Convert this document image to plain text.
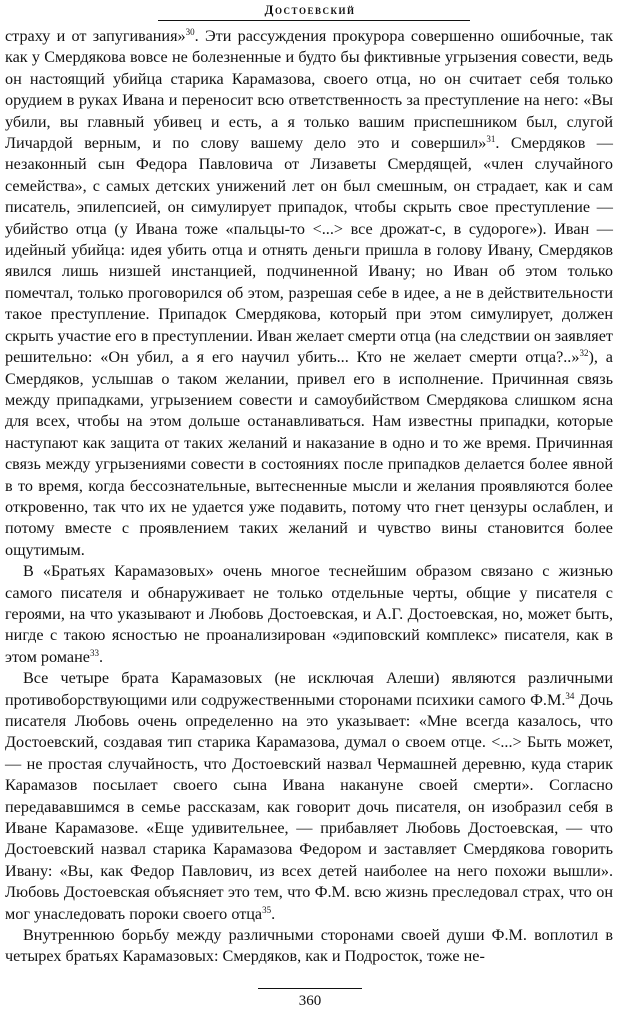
Достоевский

страху и от запугивания»$^{30}$. Эти рассуждения прокурора совершенно ошибочные, так как у Смердякова вовсе не болезненные и будто бы фиктивные угрызения совести, ведь он настоящий убийца старика Карамазова, своего отца, но он считает себя только орудием в руках Ивана и переносит всю ответственность за преступление на него: «Вы убили, вы главный убивец и есть, а я только вашим приспешником был, слугой Личардой верным, и по слову вашему дело это и совершил»$^{31}$. Смердяков — незаконный сын Федора Павловича от Лизаветы Смердящей, «член случайного семейства», с самых детских унижений лет он был смешным, он страдает, как и сам писатель, эпилепсией, он симулирует припадок, чтобы скрыть свое преступление — убийство отца (у Ивана тоже «пальцы-то <...> все дрожат-с, в судороге»). Иван — идейный убийца: идея убить отца и отнять деньги пришла в голову Ивану, Смердяков явился лишь низшей инстанцией, подчиненной Ивану; но Иван об этом только помечтал, только проговорился об этом, разрешая себе в идее, а не в действительности такое преступление. Припадок Смердякова, который при этом симулирует, должен скрыть участие его в преступлении. Иван желает смерти отца (на следствии он заявляет решительно: «Он убил, а я его научил убить... Кто не желает смерти отца?..»$^{32}$), а Смердяков, услышав о таком желании, привел его в исполнение. Причинная связь между припадками, угрызением совести и самоубийством Смердякова слишком ясна для всех, чтобы на этом дольше останавливаться. Нам известны припадки, которые наступают как защита от таких желаний и наказание в одно и то же время. Причинная связь между угрызениями совести в состояниях после припадков делается более явной в то время, когда бессознательные, вытесненные мысли и желания проявляются более откровенно, так что их не удается уже подавить, потому что гнет цензуры ослаблен, и потому вместе с проявлением таких желаний и чувство вины становится более ощутимым.

В «Братьях Карамазовых» очень многое теснейшим образом связано с жизнью самого писателя и обнаруживает не только отдельные черты, общие у писателя с героями, на что указывают и Любовь Достоевская, и А.Г. Достоевская, но, может быть, нигде с такою ясностью не проанализирован «эдиповский комплекс» писателя, как в этом романе$^{33}$.

Все четыре брата Карамазовых (не исключая Алеши) являются различными противоборствующими или содружественными сторонами психики самого Ф.М.$^{34}$ Дочь писателя Любовь очень определенно на это указывает: «Мне всегда казалось, что Достоевский, создавая тип старика Карамазова, думал о своем отце. <...> Быть может, — не простая случайность, что Достоевский назвал Чермашней деревню, куда старик Карамазов посылает своего сына Ивана накануне своей смерти». Согласно передававшимся в семье рассказам, как говорит дочь писателя, он изобразил себя в Иване Карамазове. «Еще удивительнее, — прибавляет Любовь Достоевская, — что Достоевский назвал старика Карамазова Федором и заставляет Смердякова говорить Ивану: «Вы, как Федор Павлович, из всех детей наиболее на него похожи вышли». Любовь Достоевская объясняет это тем, что Ф.М. всю жизнь преследовал страх, что он мог унаследовать пороки своего отца$^{35}$.

Внутреннюю борьбу между различными сторонами своей души Ф.М. воплотил в четырех братьях Карамазовых: Смердяков, как и Подросток, тоже не-

360
